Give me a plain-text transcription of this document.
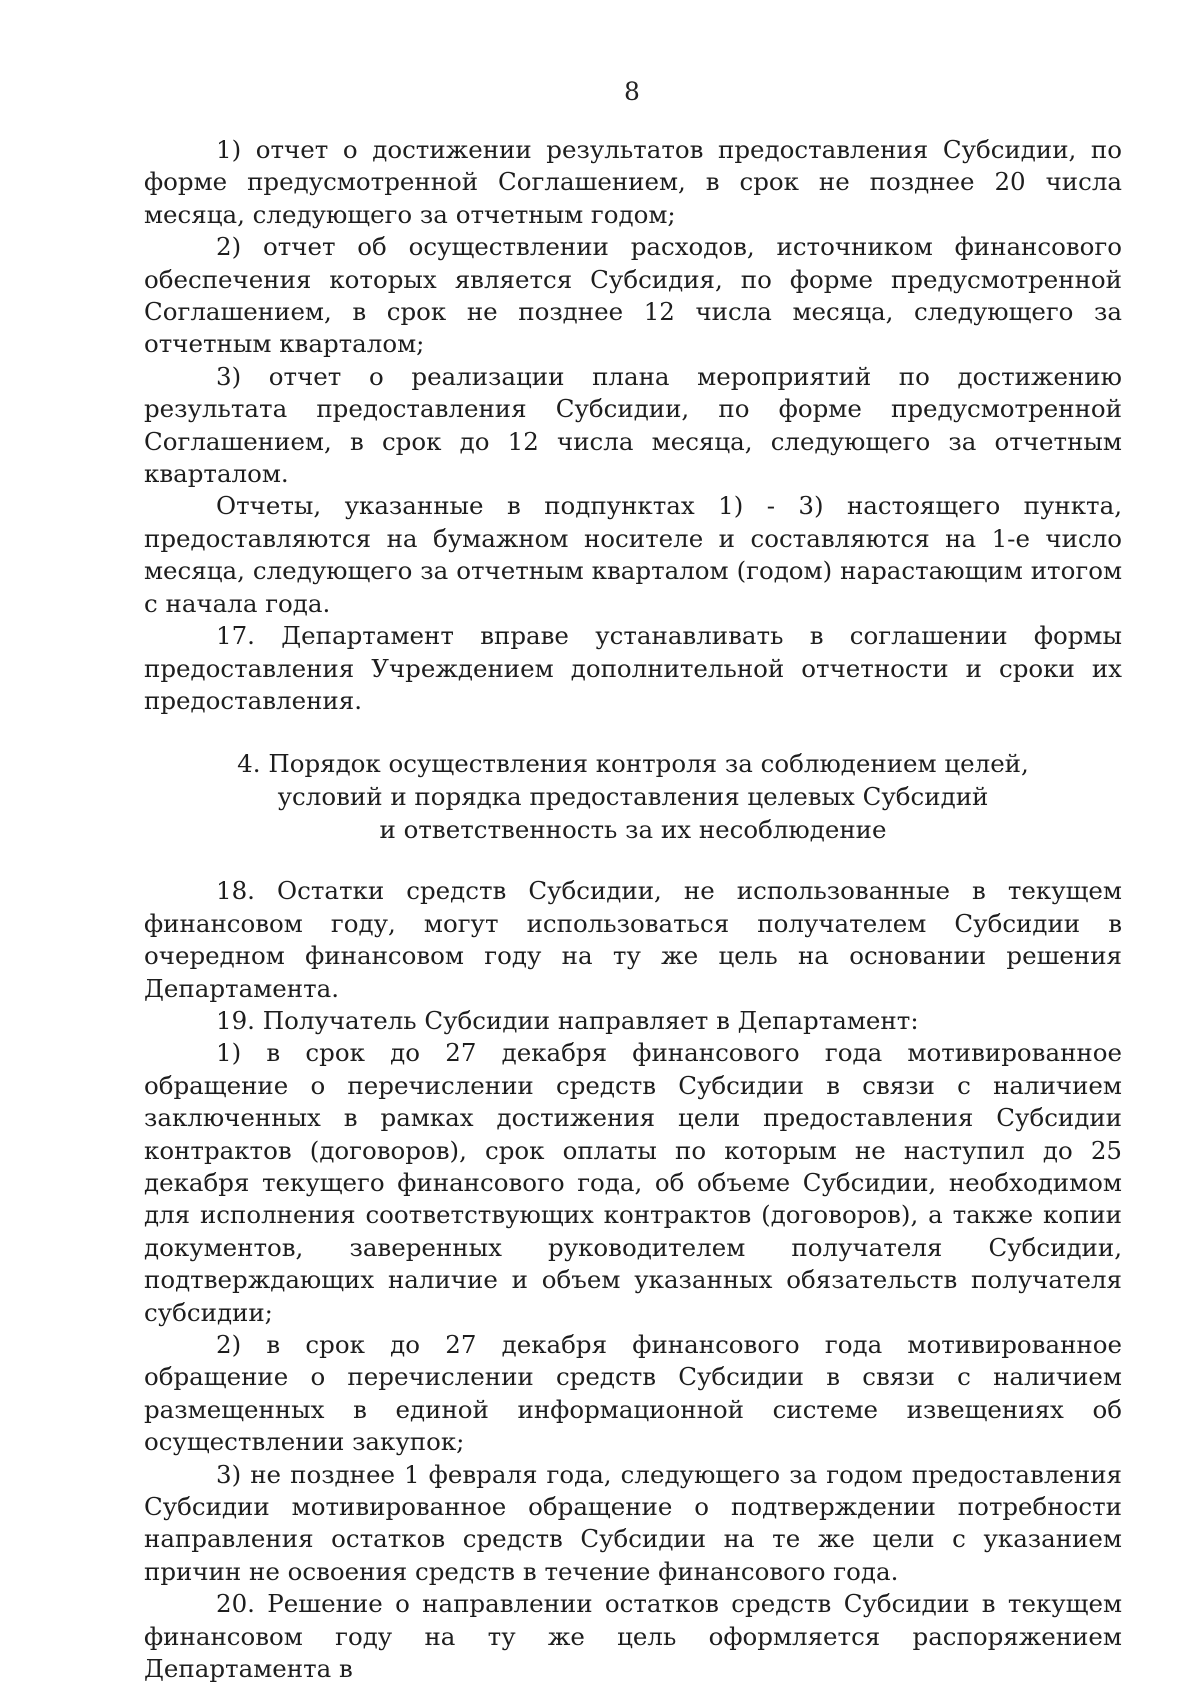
8

1) отчет о достижении результатов предоставления Субсидии, по форме предусмотренной Соглашением, в срок не позднее 20 числа месяца, следующего за отчетным годом;

2) отчет об осуществлении расходов, источником финансового обеспечения которых является Субсидия, по форме предусмотренной Соглашением, в срок не позднее 12 числа месяца, следующего за отчетным кварталом;

3) отчет о реализации плана мероприятий по достижению результата предоставления Субсидии, по форме предусмотренной Соглашением, в срок до 12 числа месяца, следующего за отчетным кварталом.

Отчеты, указанные в подпунктах 1) - 3) настоящего пункта, предоставляются на бумажном носителе и составляются на 1-е число месяца, следующего за отчетным кварталом (годом) нарастающим итогом с начала года.

17. Департамент вправе устанавливать в соглашении формы предоставления Учреждением дополнительной отчетности и сроки их предоставления.

4. Порядок осуществления контроля за соблюдением целей,
условий и порядка предоставления целевых Субсидий
и ответственность за их несоблюдение

18. Остатки средств Субсидии, не использованные в текущем финансовом году, могут использоваться получателем Субсидии в очередном финансовом году на ту же цель на основании решения Департамента.

19. Получатель Субсидии направляет в Департамент:

1) в срок до 27 декабря финансового года мотивированное обращение о перечислении средств Субсидии в связи с наличием заключенных в рамках достижения цели предоставления Субсидии контрактов (договоров), срок оплаты по которым не наступил до 25 декабря текущего финансового года, об объеме Субсидии, необходимом для исполнения соответствующих контрактов (договоров), а также копии документов, заверенных руководителем получателя Субсидии, подтверждающих наличие и объем указанных обязательств получателя субсидии;

2) в срок до 27 декабря финансового года мотивированное обращение о перечислении средств Субсидии в связи с наличием размещенных в единой информационной системе извещениях об осуществлении закупок;

3) не позднее 1 февраля года, следующего за годом предоставления Субсидии мотивированное обращение о подтверждении потребности направления остатков средств Субсидии на те же цели с указанием причин не освоения средств в течение финансового года.

20. Решение о направлении остатков средств Субсидии в текущем финансовом году на ту же цель оформляется распоряжением Департамента в
